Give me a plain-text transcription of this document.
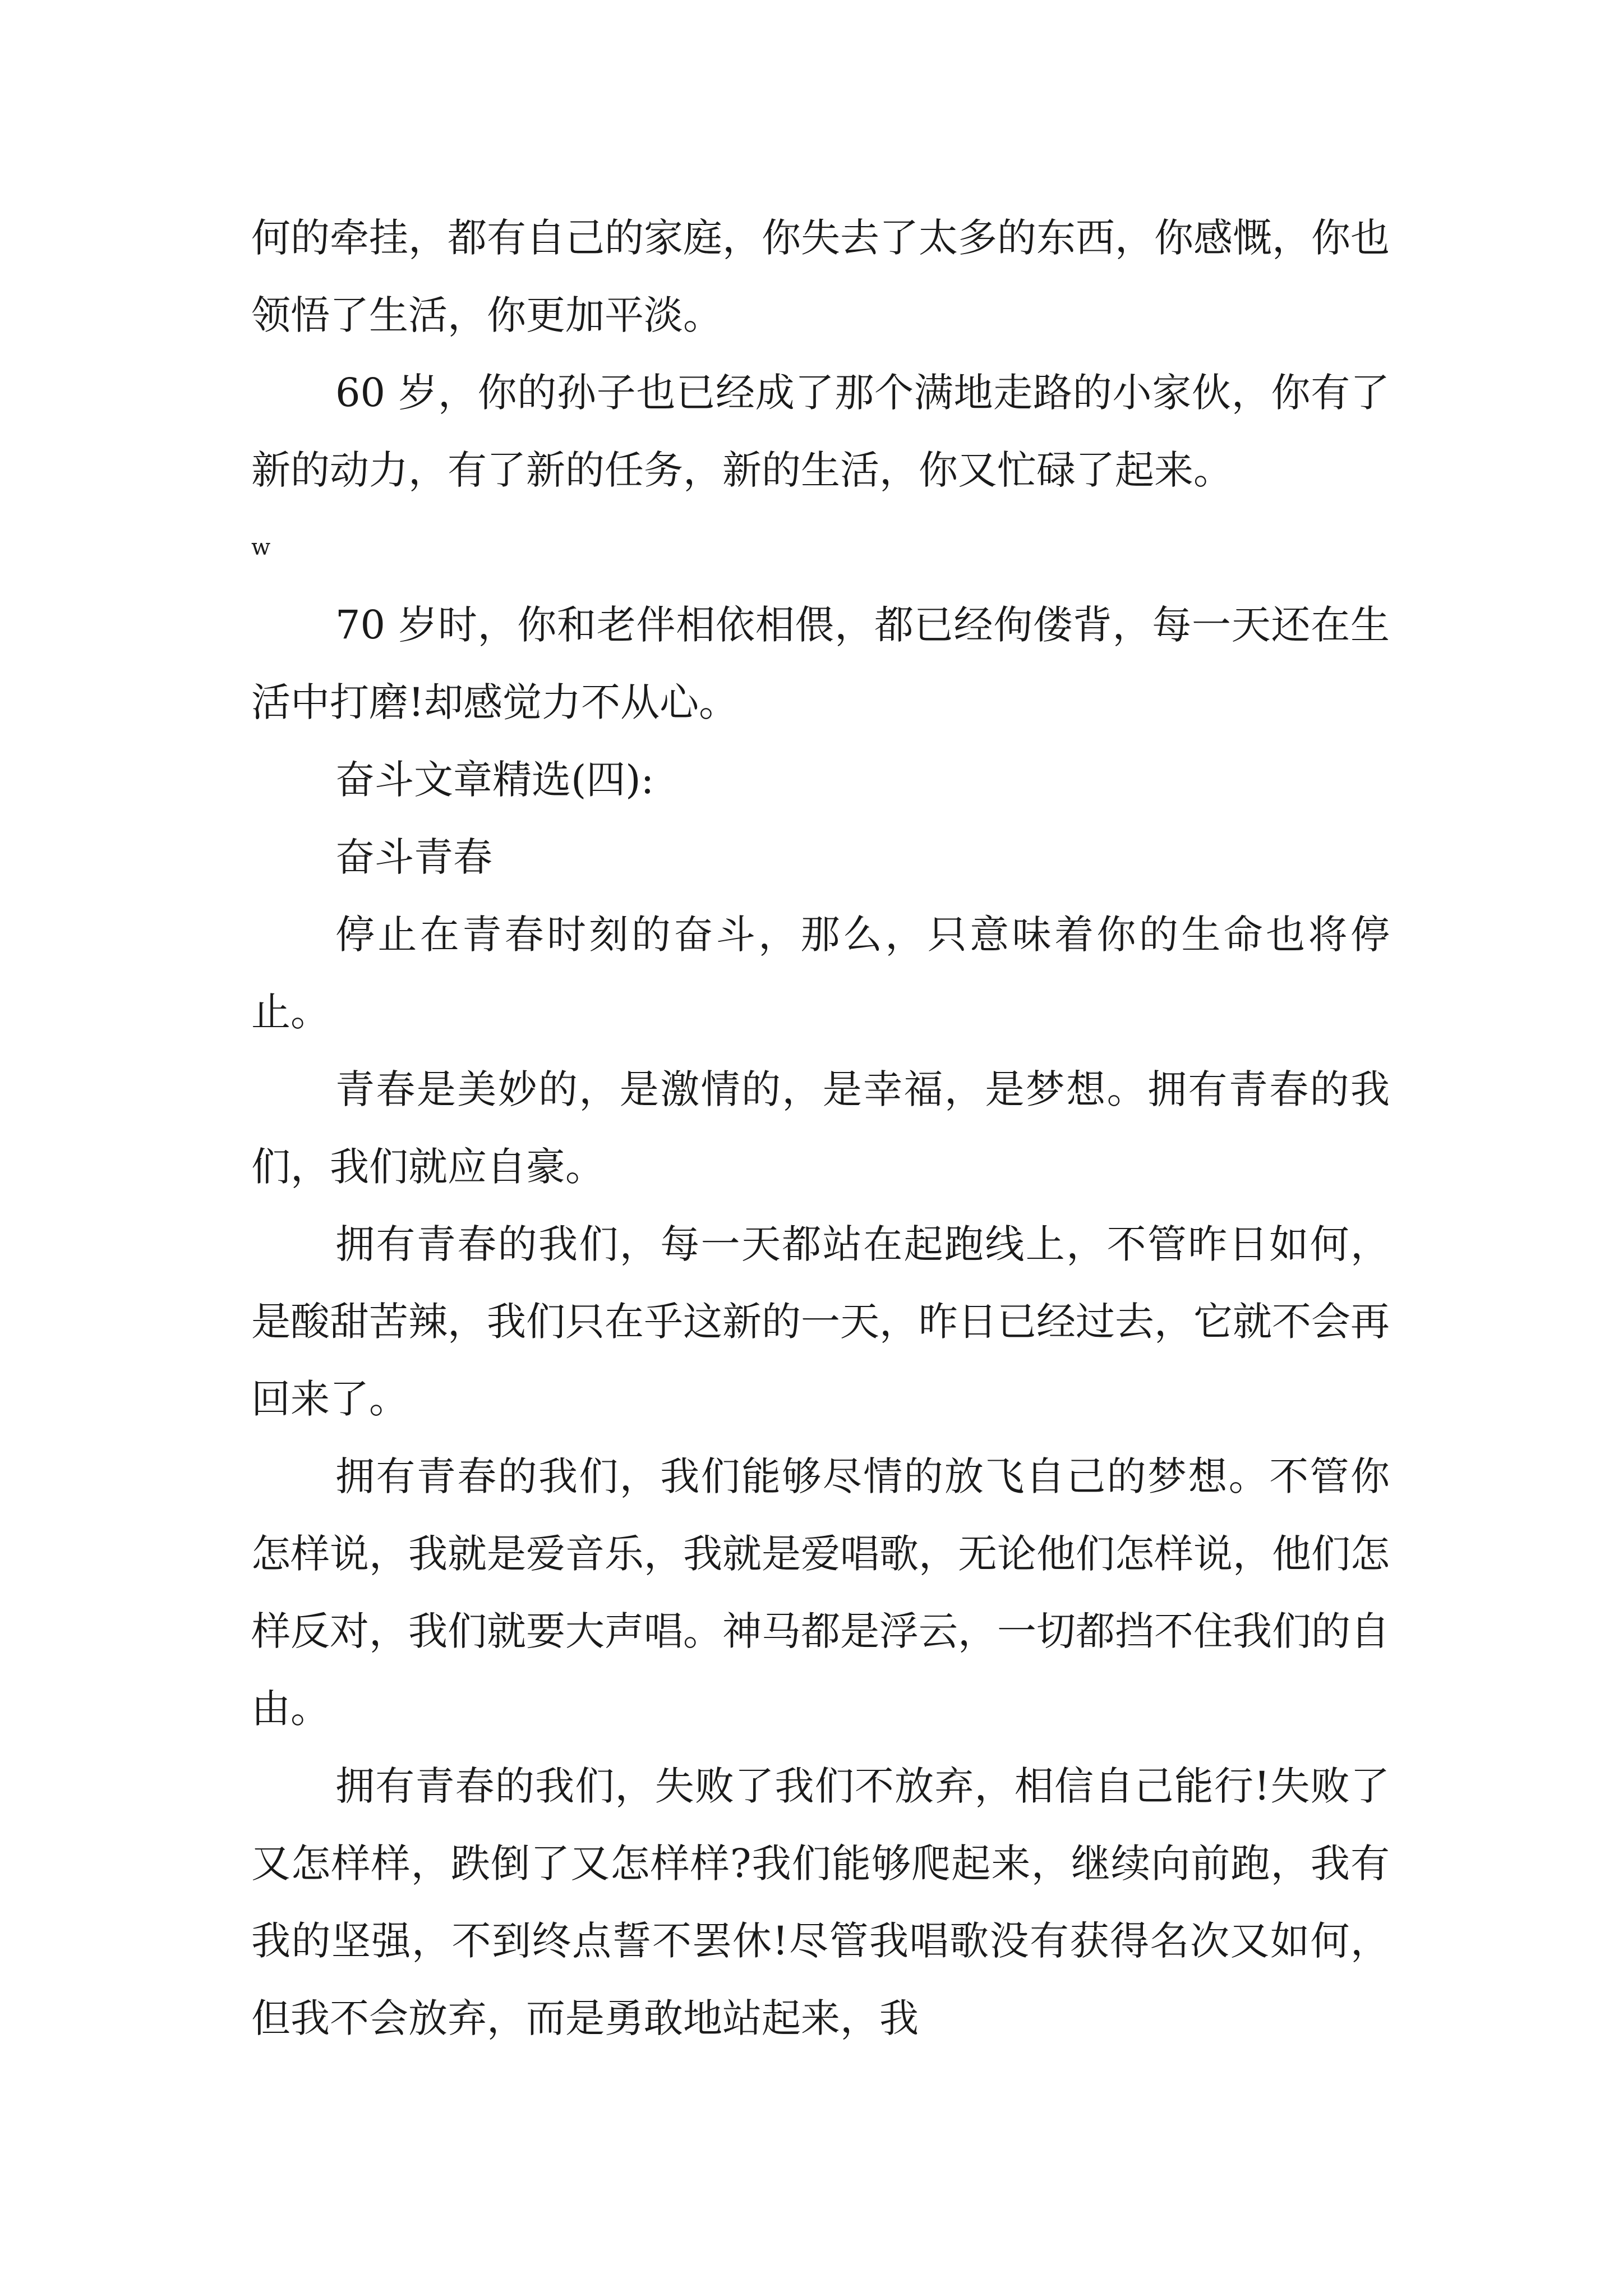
何的牵挂，都有自己的家庭，你失去了太多的东西，你感慨，你也领悟了生活，你更加平淡。

60 岁，你的孙子也已经成了那个满地走路的小家伙，你有了新的动力，有了新的任务，新的生活，你又忙碌了起来。

w

70 岁时，你和老伴相依相偎，都已经佝偻背，每一天还在生活中打磨!却感觉力不从心。

奋斗文章精选(四):

奋斗青春

停止在青春时刻的奋斗，那么，只意味着你的生命也将停止。

青春是美妙的，是激情的，是幸福，是梦想。拥有青春的我们，我们就应自豪。

拥有青春的我们，每一天都站在起跑线上，不管昨日如何，是酸甜苦辣，我们只在乎这新的一天，昨日已经过去，它就不会再回来了。

拥有青春的我们，我们能够尽情的放飞自己的梦想。不管你怎样说，我就是爱音乐，我就是爱唱歌，无论他们怎样说，他们怎样反对，我们就要大声唱。神马都是浮云，一切都挡不住我们的自由。

拥有青春的我们，失败了我们不放弃，相信自己能行!失败了又怎样样，跌倒了又怎样样?我们能够爬起来，继续向前跑，我有我的坚强，不到终点誓不罢休!尽管我唱歌没有获得名次又如何，但我不会放弃，而是勇敢地站起来，我
